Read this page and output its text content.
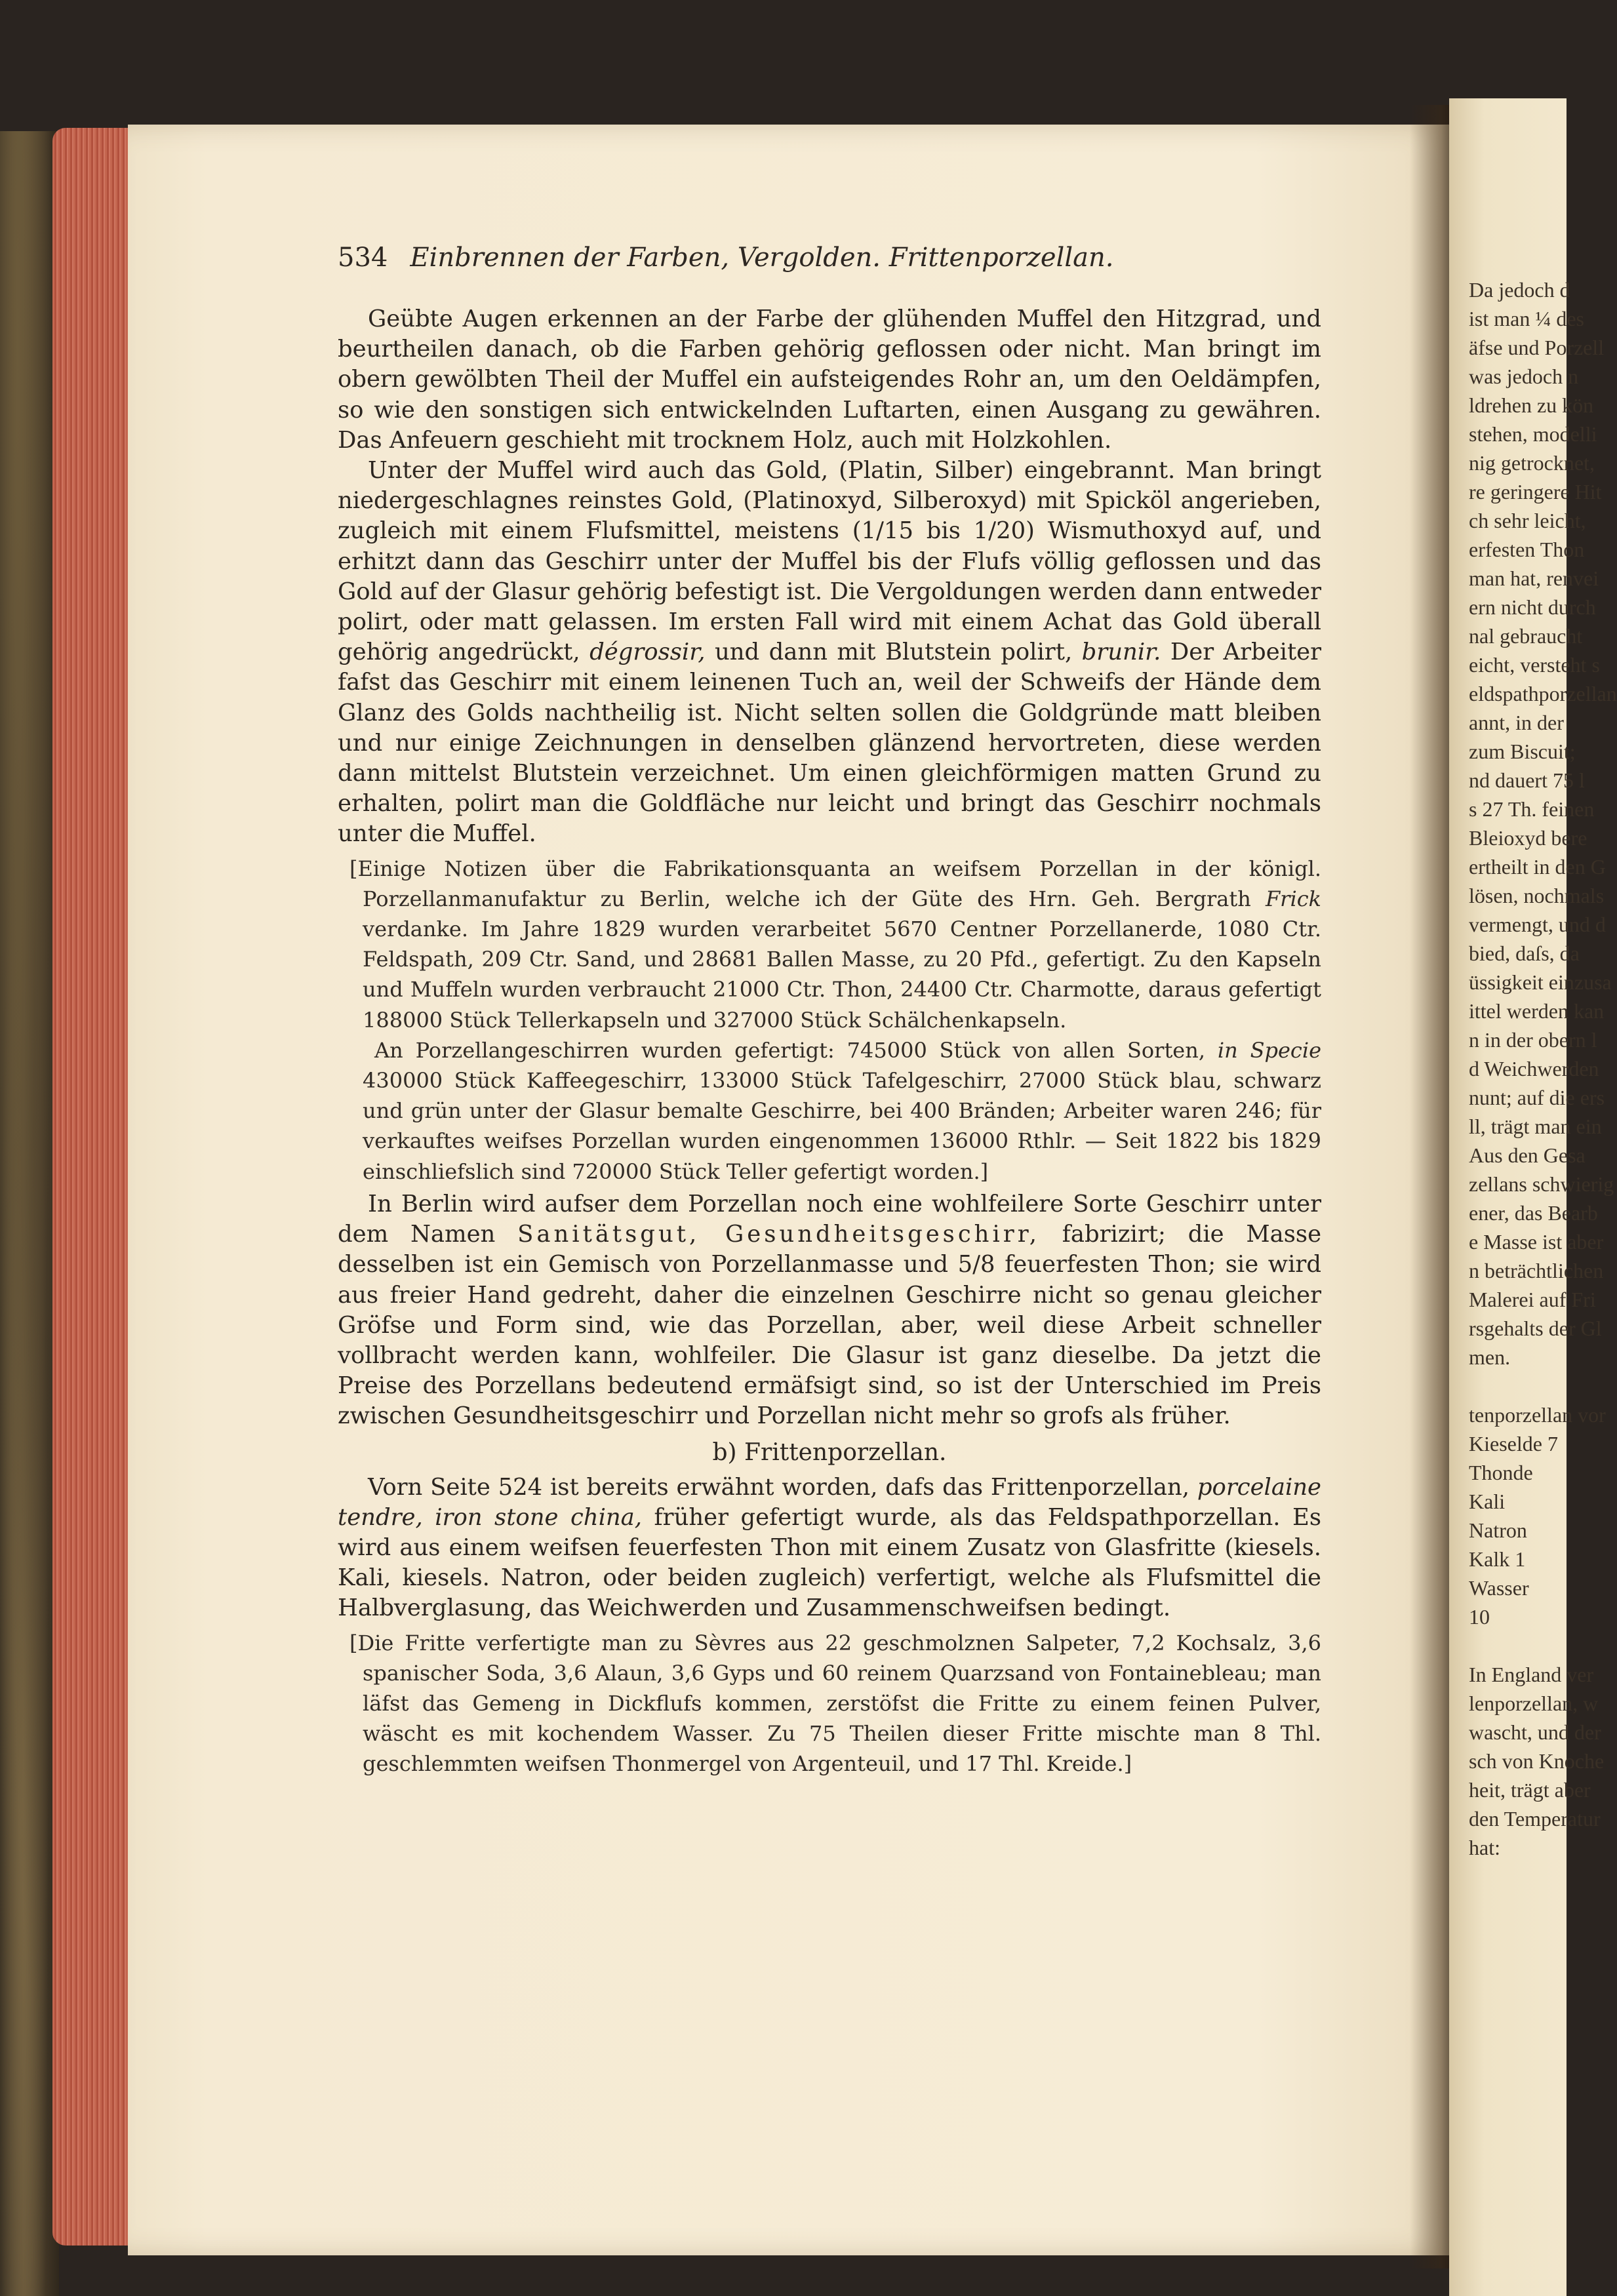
534 Einbrennen der Farben, Vergolden. Frittenporzellan.

Geübte Augen erkennen an der Farbe der glühenden Muffel den Hitzgrad, und beurtheilen danach, ob die Farben gehörig geflossen oder nicht. Man bringt im obern gewölbten Theil der Muffel ein aufsteigendes Rohr an, um den Oeldämpfen, so wie den sonstigen sich entwickelnden Luftarten, einen Ausgang zu gewähren. Das Anfeuern geschieht mit trocknem Holz, auch mit Holzkohlen.

Unter der Muffel wird auch das Gold, (Platin, Silber) eingebrannt. Man bringt niedergeschlagnes reinstes Gold, (Platinoxyd, Silberoxyd) mit Spicköl angerieben, zugleich mit einem Flufsmittel, meistens (1/15 bis 1/20) Wismuthoxyd auf, und erhitzt dann das Geschirr unter der Muffel bis der Flufs völlig geflossen und das Gold auf der Glasur gehörig befestigt ist. Die Vergoldungen werden dann entweder polirt, oder matt gelassen. Im ersten Fall wird mit einem Achat das Gold überall gehörig angedrückt, dégrossir, und dann mit Blutstein polirt, brunir. Der Arbeiter fafst das Geschirr mit einem leinenen Tuch an, weil der Schweifs der Hände dem Glanz des Golds nachtheilig ist. Nicht selten sollen die Goldgründe matt bleiben und nur einige Zeichnungen in denselben glänzend hervortreten, diese werden dann mittelst Blutstein verzeichnet. Um einen gleichförmigen matten Grund zu erhalten, polirt man die Goldfläche nur leicht und bringt das Geschirr nochmals unter die Muffel.

[Einige Notizen über die Fabrikationsquanta an weifsem Porzellan in der königl. Porzellanmanufaktur zu Berlin, welche ich der Güte des Hrn. Geh. Bergrath Frick verdanke. Im Jahre 1829 wurden verarbeitet 5670 Centner Porzellanerde, 1080 Ctr. Feldspath, 209 Ctr. Sand, und 28681 Ballen Masse, zu 20 Pfd., gefertigt. Zu den Kapseln und Muffeln wurden verbraucht 21000 Ctr. Thon, 24400 Ctr. Charmotte, daraus gefertigt 188000 Stück Tellerkapseln und 327000 Stück Schälchenkapseln.
An Porzellangeschirren wurden gefertigt: 745000 Stück von allen Sorten, in Specie 430000 Stück Kaffeegeschirr, 133000 Stück Tafelgeschirr, 27000 Stück blau, schwarz und grün unter der Glasur bemalte Geschirre, bei 400 Bränden; Arbeiter waren 246; für verkauftes weifses Porzellan wurden eingenommen 136000 Rthlr. — Seit 1822 bis 1829 einschliefslich sind 720000 Stück Teller gefertigt worden.]

In Berlin wird aufser dem Porzellan noch eine wohlfeilere Sorte Geschirr unter dem Namen Sanitätsgut, Gesundheitsgeschirr, fabrizirt; die Masse desselben ist ein Gemisch von Porzellanmasse und 5/8 feuerfesten Thon; sie wird aus freier Hand gedreht, daher die einzelnen Geschirre nicht so genau gleicher Gröfse und Form sind, wie das Porzellan, aber, weil diese Arbeit schneller vollbracht werden kann, wohlfeiler. Die Glasur ist ganz dieselbe. Da jetzt die Preise des Porzellans bedeutend ermäfsigt sind, so ist der Unterschied im Preis zwischen Gesundheitsgeschirr und Porzellan nicht mehr so grofs als früher.

b) Frittenporzellan.

Vorn Seite 524 ist bereits erwähnt worden, dafs das Frittenporzellan, porcelaine tendre, iron stone china, früher gefertigt wurde, als das Feldspathporzellan. Es wird aus einem weifsen feuerfesten Thon mit einem Zusatz von Glasfritte (kiesels. Kali, kiesels. Natron, oder beiden zugleich) verfertigt, welche als Flufsmittel die Halbverglasung, das Weichwerden und Zusammenschweifsen bedingt.

[Die Fritte verfertigte man zu Sèvres aus 22 geschmolznen Salpeter, 7,2 Kochsalz, 3,6 spanischer Soda, 3,6 Alaun, 3,6 Gyps und 60 reinem Quarzsand von Fontainebleau; man läfst das Gemeng in Dickflufs kommen, zerstöfst die Fritte zu einem feinen Pulver, wäscht es mit kochendem Wasser. Zu 75 Theilen dieser Fritte mischte man 8 Thl. geschlemmten weifsen Thonmergel von Argenteuil, und 17 Thl. Kreide.]
Da jedoch d
ist man ¼ des
äfse und Porzell
was jedoch n
ldrehen zu kön
stehen, modelli
nig getrocknet,
re geringere Hit
ch sehr leicht,
erfesten Thon
man hat, renvei
ern nicht durch
nal gebraucht
eicht, versteht s
eldspathporzellan
annt, in der
zum Biscuit;
nd dauert 75 l
s 27 Th. feinen
Bleioxyd bere
ertheilt in den G
lösen, nochmals
vermengt, und d
bied, daſs, da
üssigkeit einzusa
ittel werden kan
n in der obern l
d Weichwerden
nunt; auf die ers
ll, trägt man ein
Aus den Gesa
zellans schwierig
ener, das Bearb
e Masse ist aber
n beträchtlichen
Malerei auf Fri
rsgehalts der Gl
men.
tenporzellan vor
Kieselde 7
Thonde
Kali
Natron
Kalk 1
Wasser
10
In England ver
lenporzellan, w
wascht, und der
sch von Knoche
heit, trägt aber
den Temperatur
hat:
